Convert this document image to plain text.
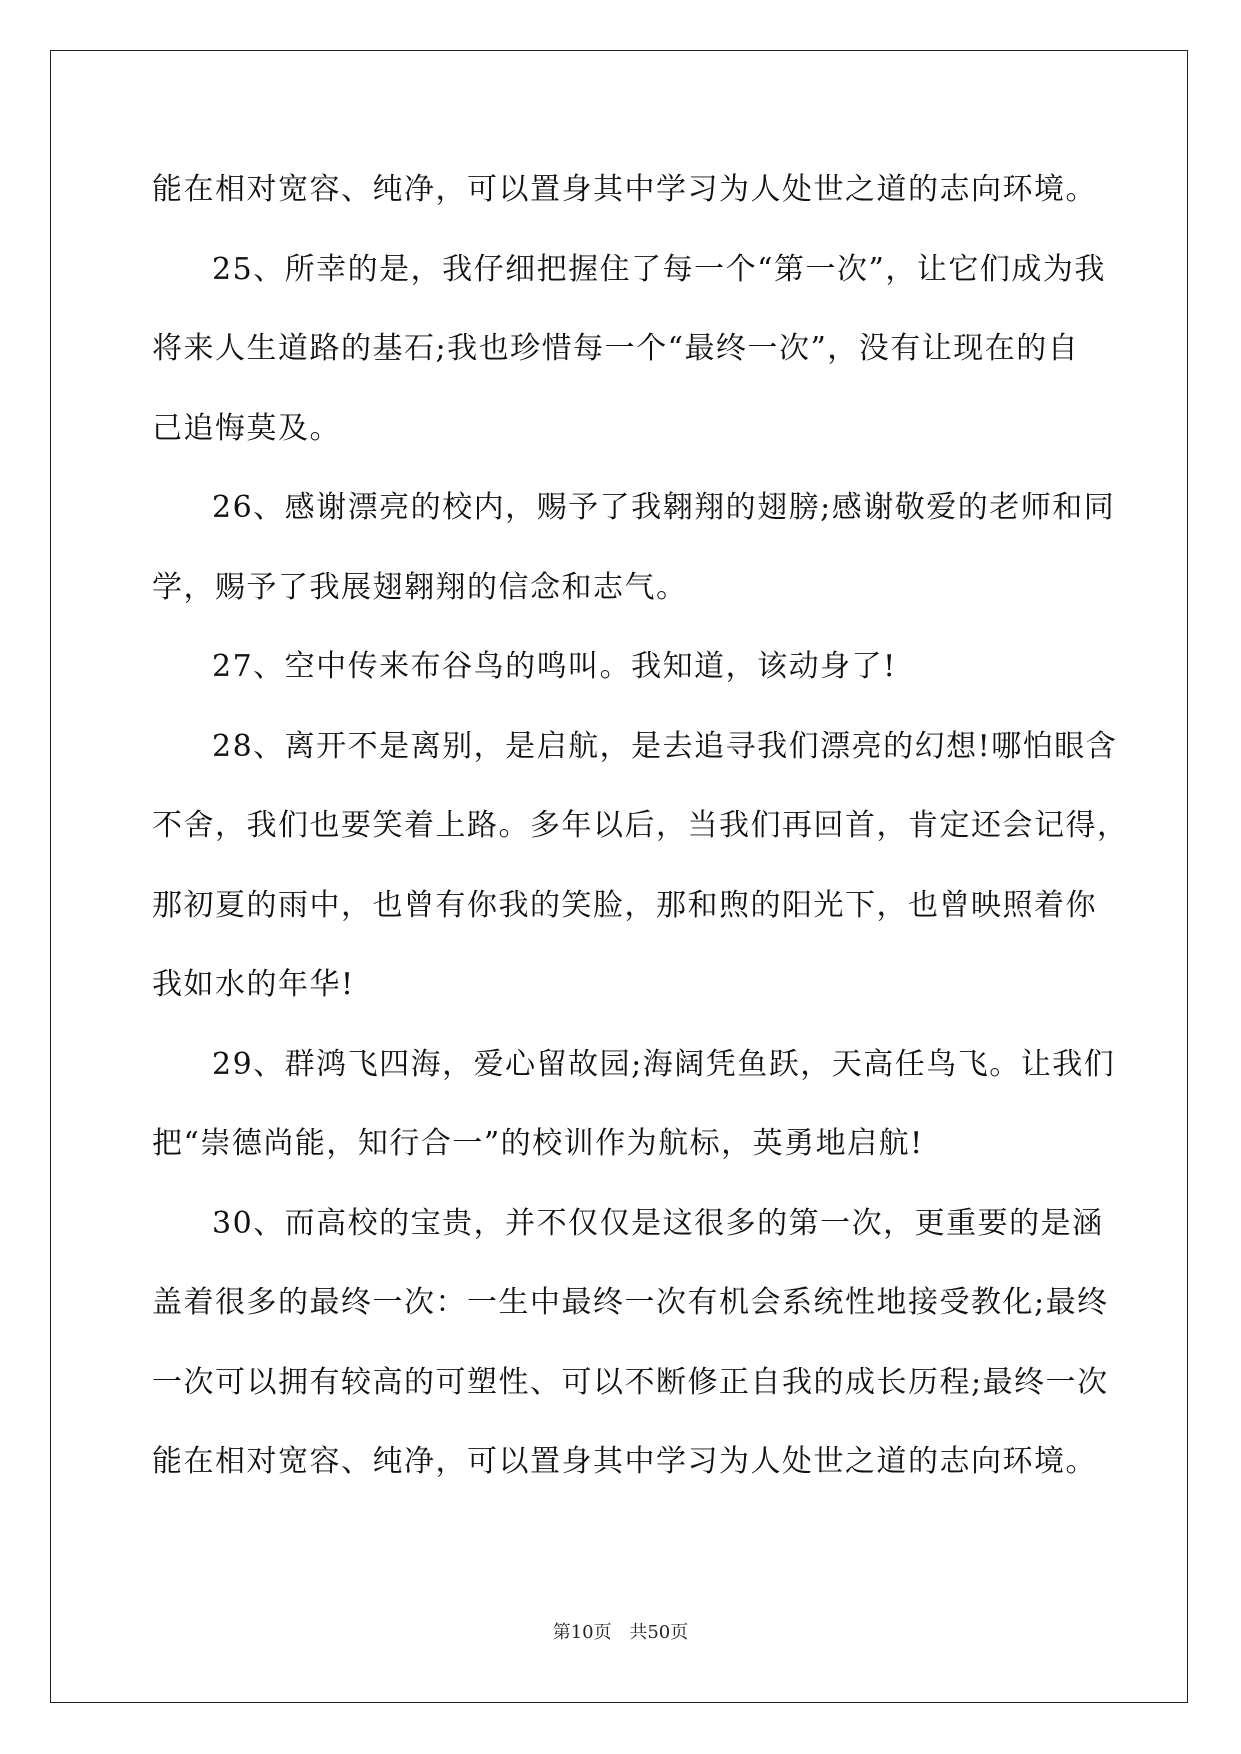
能在相对宽容、纯净，可以置身其中学习为人处世之道的志向环境。
25、所幸的是，我仔细把握住了每一个“第一次”，让它们成为我
将来人生道路的基石;我也珍惜每一个“最终一次”，没有让现在的自
己追悔莫及。
26、感谢漂亮的校内，赐予了我翱翔的翅膀;感谢敬爱的老师和同
学，赐予了我展翅翱翔的信念和志气。
27、空中传来布谷鸟的鸣叫。我知道，该动身了!
28、离开不是离别，是启航，是去追寻我们漂亮的幻想!哪怕眼含
不舍，我们也要笑着上路。多年以后，当我们再回首，肯定还会记得，
那初夏的雨中，也曾有你我的笑脸，那和煦的阳光下，也曾映照着你
我如水的年华!
29、群鸿飞四海，爱心留故园;海阔凭鱼跃，天高任鸟飞。让我们
把“崇德尚能，知行合一”的校训作为航标，英勇地启航!
30、而高校的宝贵，并不仅仅是这很多的第一次，更重要的是涵
盖着很多的最终一次：一生中最终一次有机会系统性地接受教化;最终
一次可以拥有较高的可塑性、可以不断修正自我的成长历程;最终一次
能在相对宽容、纯净，可以置身其中学习为人处世之道的志向环境。
第10页 共50页
